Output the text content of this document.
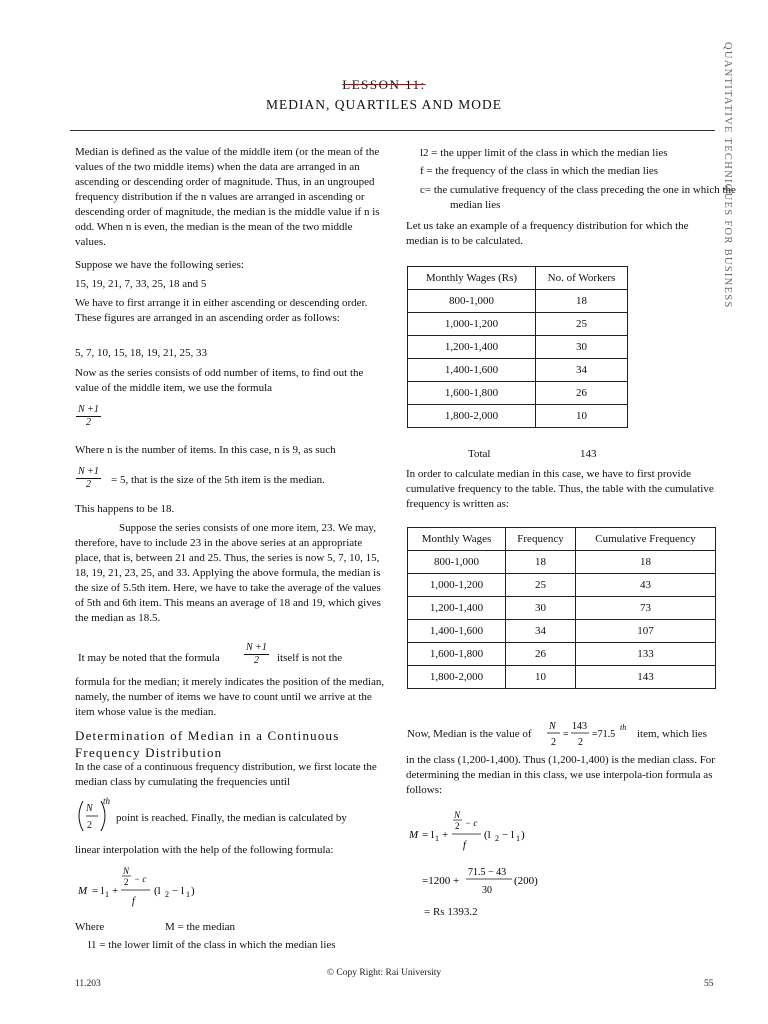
QUANTITATIVE TECHNIQUES FOR BUSINESS
LESSON 11:
MEDIAN, QUARTILES AND MODE
Median is defined as the value of the middle item (or the mean of the values of the two middle items) when the data are arranged in an ascending or descending order of magnitude. Thus, in an ungrouped frequency distribution if the n values are arranged in ascending or descending order of magnitude, the median is the middle value if n is odd. When n is even, the median is the mean of the two middle values.
Suppose we have the following series:
15, 19, 21, 7, 33, 25, 18 and 5
We have to first arrange it in either ascending or descending order. These figures are arranged in an ascending order as follows:
5, 7, 10, 15, 18, 19, 21, 25, 33
Now as the series consists of odd number of items, to find out the value of the middle item, we use the formula
$\frac{N +1}{2}$
Where n is the number of items. In this case, n is 9, as such
$\frac{N +1}{2} = 5$, that is the size of the 5th item is the median.
This happens to be 18.
Suppose the series consists of one more item, 23. We may, therefore, have to include 23 in the above series at an appropriate place, that is, between 21 and 25. Thus, the series is now 5, 7, 10, 15, 18, 19, 21, 23, 25, and 33. Applying the above formula, the median is the size of 5.5th item. Here, we have to take the average of the values of 5th and 6th item. This means an average of 18 and 19, which gives the median as 18.5.
It may be noted that the formula $\frac{N +1}{2}$ itself is not the
formula for the median; it merely indicates the position of the median, namely, the number of items we have to count until we arrive at the item whose value is the median.
Determination of Median in a Continuous Frequency Distribution
In the case of a continuous frequency distribution, we first locate the median class by cumulating the frequencies until
N
2
th
point is reached. Finally, the median is calculated by
linear interpolation with the help of the following formula:
M = l 1 +
N
2 − c
f
(l 2 − l 1 )
Where	M = the median
l1 = the lower limit of the class in which the median lies
l2 = the upper limit of the class in which the median lies
f = the frequency of the class in which the median lies
c= the cumulative frequency of the class preceding the one in which the median lies
Let us take an example of a frequency distribution for which the median is to be calculated.
Monthly Wages (Rs)	No. of Workers
800-1,000	18
1,000-1,200	25
1,200-1,400	30
1,400-1,600	34
1,600-1,800	26
1,800-2,000	10
Total	143
In order to calculate median in this case, we have to first provide cumulative frequency to the table. Thus, the table with the cumulative frequency is written as:
Monthly Wages	Frequency	Cumulative Frequency
800-1,000	18	18
1,000-1,200	25	43
1,200-1,400	30	73
1,400-1,600	34	107
1,600-1,800	26	133
1,800-2,000	10	143
Now, Median is the value of
N
2
=
143
2
=71.5
th
item, which lies
in the class (1,200-1,400). Thus (1,200-1,400) is the median class. For determining the median in this class, we use interpola-tion formula as follows:
M = l 1 +
N
2 − c
f
(l 2 − l 1 )
=1200 +
71.5 − 43
30
(200)
= Rs 1393.2
© Copy Right: Rai University
11.203	55
